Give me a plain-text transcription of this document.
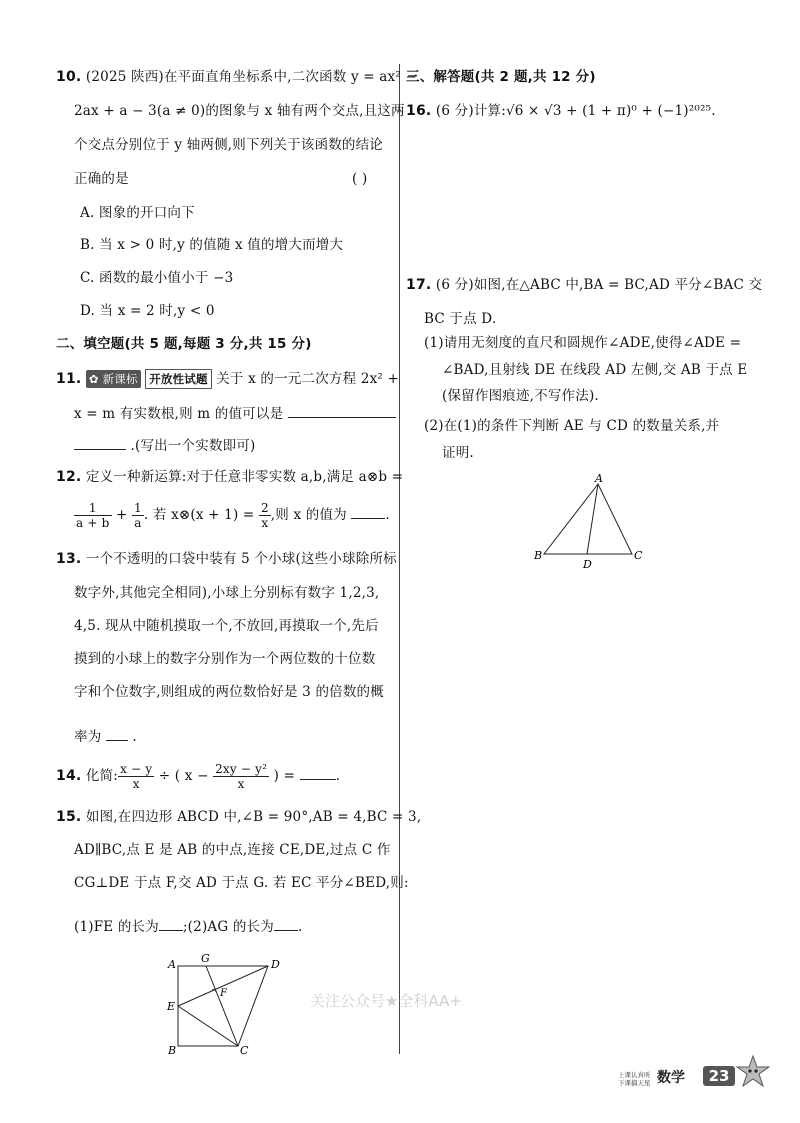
10. (2025 陕西)在平面直角坐标系中,二次函数 y = ax² −
2ax + a − 3(a ≠ 0)的图象与 x 轴有两个交点,且这两
个交点分别位于 y 轴两侧,则下列关于该函数的结论
正确的是	( )
A. 图象的开口向下
B. 当 x > 0 时,y 的值随 x 值的增大而增大
C. 函数的最小值小于 −3
D. 当 x = 2 时,y < 0
二、填空题(共 5 题,每题 3 分,共 15 分)
11. ✿ 新课标 开放性试题 关于 x 的一元二次方程 2x² +
x = m 有实数根,则 m 的值可以是
.(写出一个实数即可)
12. 定义一种新运算:对于任意非零实数 a,b,满足 a⊗b =
$\frac{1}{a + b} + \frac{1}{a}$ . 若 x⊗(x + $1) = \frac{2}{x}$ ,则 x 的值为	.
13. 一个不透明的口袋中装有 5 个小球(这些小球除所标
数字外,其他完全相同),小球上分别标有数字 1,2,3,
4,5. 现从中随机摸取一个,不放回,再摸取一个,先后
摸到的小球上的数字分别作为一个两位数的十位数
字和个位数字,则组成的两位数恰好是 3 的倍数的概
率为 .
14. 化简: $\frac{x - y}{x}$ ÷ ( $x - \frac{\text{2xy − y²}}{x}$ ) =	.
15. 如图,在四边形 ABCD 中,∠B = 90°,AB = 4,BC = 3,
AD∥BC,点 E 是 AB 的中点,连接 CE,DE,过点 C 作
CG⊥DE 于点 F,交 AD 于点 G. 若 EC 平分∠BED,则:
(1)FE 的长为 ;(2)AG 的长为 .
A G	D
E
F
B	C
三、解答题(共 2 题,共 12 分)
16. (6 分)计算:√6 × √3 + (1 + π)⁰ + (−1)²⁰²⁵.
17. (6 分)如图,在△ABC 中,BA = BC,AD 平分∠BAC 交
BC 于点 D.
(1)请用无刻度的直尺和圆规作∠ADE,使得∠ADE =
∠BAD,且射线 DE 在线段 AD 左侧,交 AB 于点 E
(保留作图痕迹,不写作法).
(2)在(1)的条件下判断 AE 与 CD 的数量关系,并
证明.
A
B
D
C
关注公众号★全科AA+
上课认真听
下课搞天星 数学	23
